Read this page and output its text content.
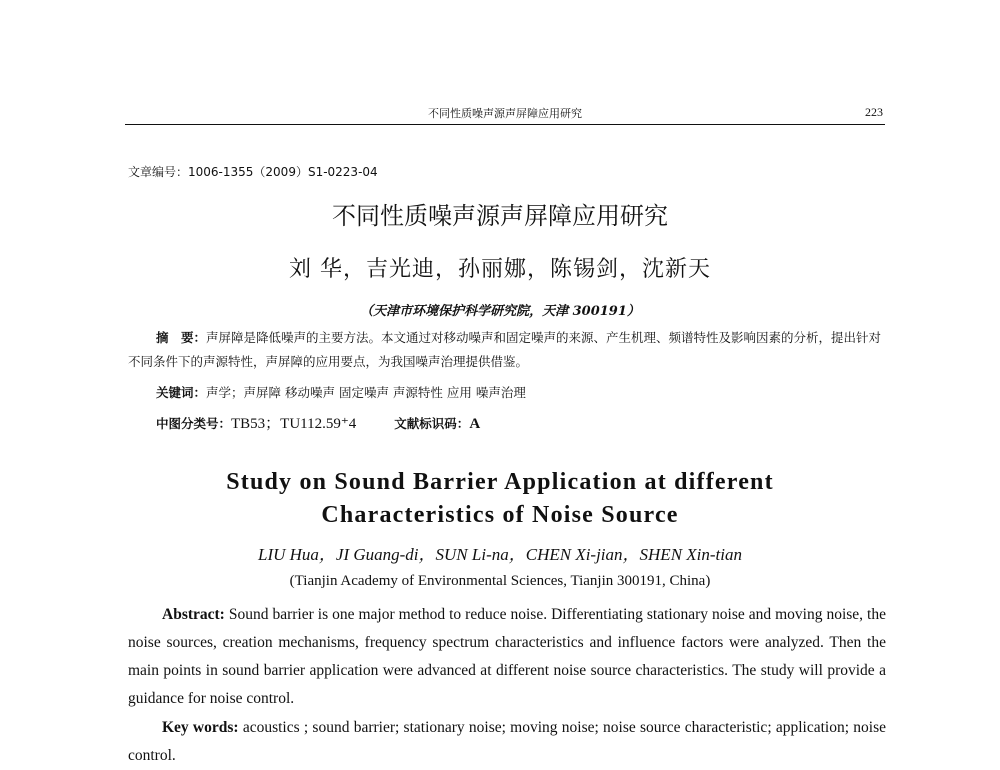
不同性质噪声源声屏障应用研究	223
文章编号：1006-1355（2009）S1-0223-04
不同性质噪声源声屏障应用研究
刘 华，吉光迪，孙丽娜，陈锡剑，沈新天
（天津市环境保护科学研究院，天津 300191）
摘　要：声屏障是降低噪声的主要方法。本文通过对移动噪声和固定噪声的来源、产生机理、频谱特性及影响因素的分析，提出针对不同条件下的声源特性，声屏障的应用要点，为我国噪声治理提供借鉴。
关键词：声学；声屏障 移动噪声 固定噪声 声源特性 应用 噪声治理
中图分类号：TB53；TU112.59⁺4	文献标识码：A
Study on Sound Barrier Application at different
Characteristics of Noise Source
LIU Hua，JI Guang-di，SUN Li-na，CHEN Xi-jian，SHEN Xin-tian
(Tianjin Academy of Environmental Sciences, Tianjin 300191, China)
Abstract: Sound barrier is one major method to reduce noise. Differentiating stationary noise and moving noise, the noise sources, creation mechanisms, frequency spectrum characteristics and influence factors were analyzed. Then the main points in sound barrier application were advanced at different noise source characteristics. The study will provide a guidance for noise control.
Key words: acoustics ; sound barrier; stationary noise; moving noise; noise source characteristic; application; noise control.
